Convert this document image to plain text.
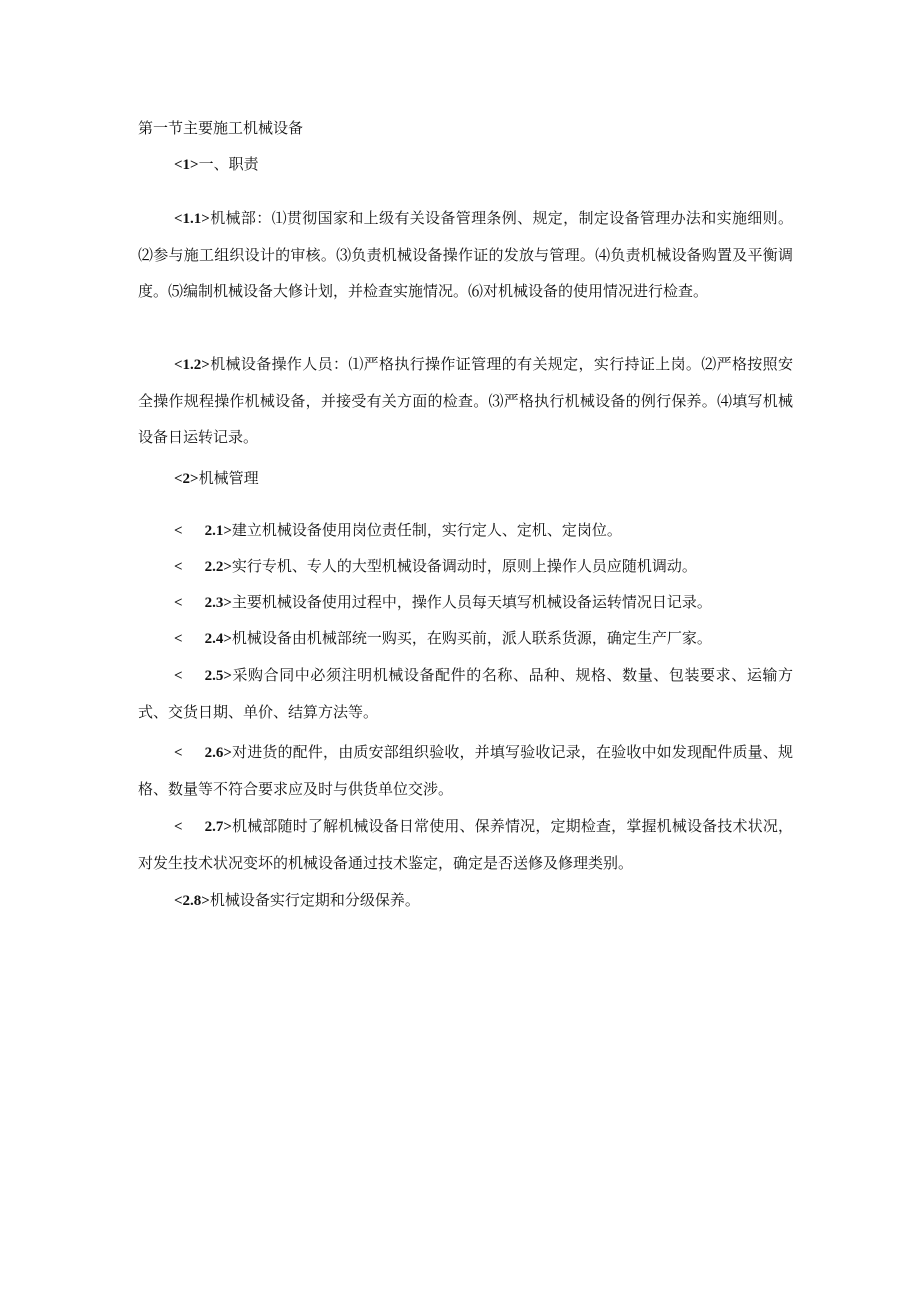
第一节主要施工机械设备
<1>一、职责
<1.1>机械部：⑴贯彻国家和上级有关设备管理条例、规定，制定设备管理办法和实施细则。⑵参与施工组织设计的审核。⑶负责机械设备操作证的发放与管理。⑷负责机械设备购置及平衡调度。⑸编制机械设备大修计划，并检查实施情况。⑹对机械设备的使用情况进行检查。
<1.2>机械设备操作人员：⑴严格执行操作证管理的有关规定，实行持证上岗。⑵严格按照安全操作规程操作机械设备，并接受有关方面的检查。⑶严格执行机械设备的例行保养。⑷填写机械设备日运转记录。
<2>机械管理
< 2.1>建立机械设备使用岗位责任制，实行定人、定机、定岗位。
< 2.2>实行专机、专人的大型机械设备调动时，原则上操作人员应随机调动。
< 2.3>主要机械设备使用过程中，操作人员每天填写机械设备运转情况日记录。
< 2.4>机械设备由机械部统一购买，在购买前，派人联系货源，确定生产厂家。
< 2.5>采购合同中必须注明机械设备配件的名称、品种、规格、数量、包装要求、运输方式、交货日期、单价、结算方法等。
< 2.6>对进货的配件，由质安部组织验收，并填写验收记录，在验收中如发现配件质量、规格、数量等不符合要求应及时与供货单位交涉。
< 2.7>机械部随时了解机械设备日常使用、保养情况，定期检查，掌握机械设备技术状况，对发生技术状况变坏的机械设备通过技术鉴定，确定是否送修及修理类别。
<2.8>机械设备实行定期和分级保养。
